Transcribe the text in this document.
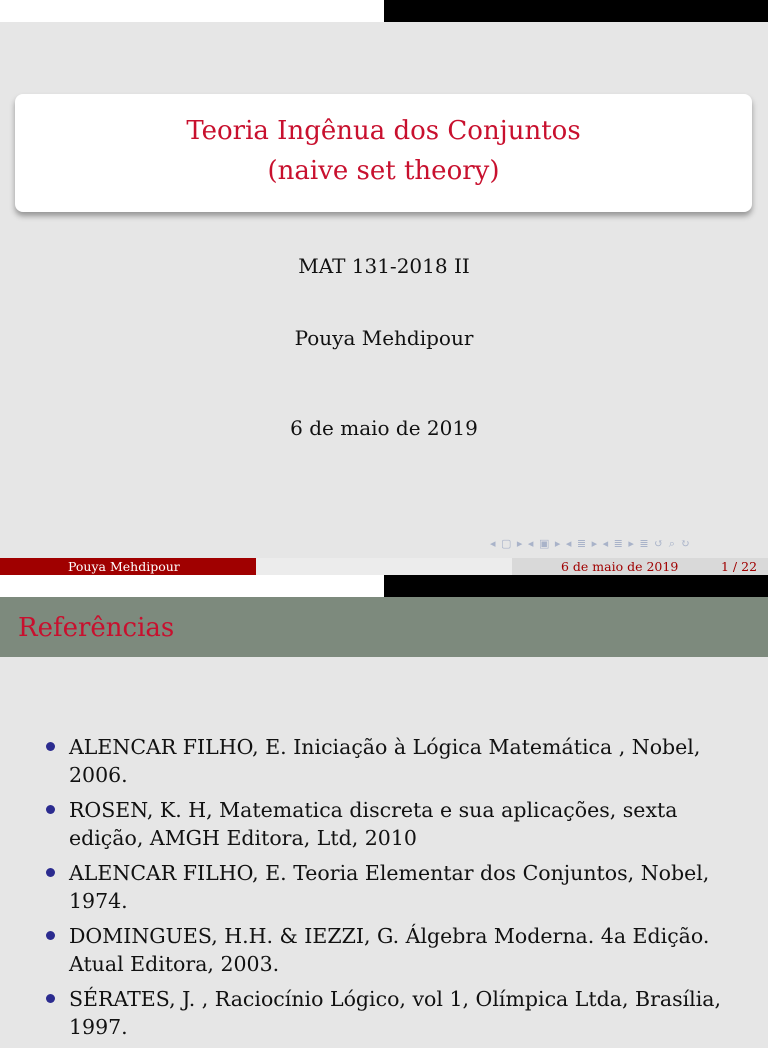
Teoria Ingênua dos Conjuntos
(naive set theory)
MAT 131-2018 II
Pouya Mehdipour
6 de maio de 2019
◂ ▢ ▸ ◂ ▣ ▸ ◂ ≣ ▸ ◂ ≣ ▸ ≣ ↺ ⌕ ↻
Pouya Mehdipour	6 de maio de 2019	1 / 22
Referências
ALENCAR FILHO, E. Iniciação à Lógica Matemática , Nobel, 2006.
ROSEN, K. H, Matematica discreta e sua aplicações, sexta edição, AMGH Editora, Ltd, 2010
ALENCAR FILHO, E. Teoria Elementar dos Conjuntos, Nobel, 1974.
DOMINGUES, H.H. & IEZZI, G. Álgebra Moderna. 4a Edição. Atual Editora, 2003.
SÉRATES, J. , Raciocínio Lógico, vol 1, Olímpica Ltda, Brasília, 1997.
